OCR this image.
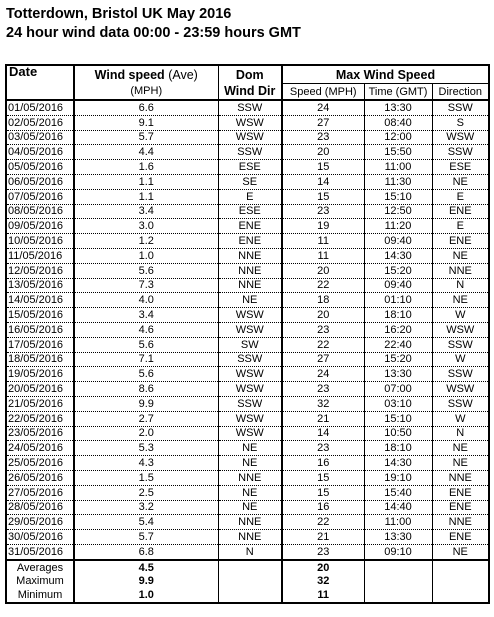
Totterdown, Bristol UK May 2016
24 hour wind data 00:00 - 23:59 hours GMT
Date	Wind speed (Ave)	Dom	Max Wind Speed		
	(MPH)	Wind Dir	Speed (MPH)	Time (GMT)	Direction
01/05/2016	6.6	SSW	24	13:30	SSW
02/05/2016	9.1	WSW	27	08:40	S
03/05/2016	5.7	WSW	23	12:00	WSW
04/05/2016	4.4	SSW	20	15:50	SSW
05/05/2016	1.6	ESE	15	11:00	ESE
06/05/2016	1.1	SE	14	11:30	NE
07/05/2016	1.1	E	15	15:10	E
08/05/2016	3.4	ESE	23	12:50	ENE
09/05/2016	3.0	ENE	19	11:20	E
10/05/2016	1.2	ENE	11	09:40	ENE
11/05/2016	1.0	NNE	11	14:30	NE
12/05/2016	5.6	NNE	20	15:20	NNE
13/05/2016	7.3	NNE	22	09:40	N
14/05/2016	4.0	NE	18	01:10	NE
15/05/2016	3.4	WSW	20	18:10	W
16/05/2016	4.6	WSW	23	16:20	WSW
17/05/2016	5.6	SW	22	22:40	SSW
18/05/2016	7.1	SSW	27	15:20	W
19/05/2016	5.6	WSW	24	13:30	SSW
20/05/2016	8.6	WSW	23	07:00	WSW
21/05/2016	9.9	SSW	32	03:10	SSW
22/05/2016	2.7	WSW	21	15:10	W
23/05/2016	2.0	WSW	14	10:50	N
24/05/2016	5.3	NE	23	18:10	NE
25/05/2016	4.3	NE	16	14:30	NE
26/05/2016	1.5	NNE	15	19:10	NNE
27/05/2016	2.5	NE	15	15:40	ENE
28/05/2016	3.2	NE	16	14:40	ENE
29/05/2016	5.4	NNE	22	11:00	NNE
30/05/2016	5.7	NNE	21	13:30	ENE
31/05/2016	6.8	N	23	09:10	NE
Averages	4.5		20		
Maximum	9.9		32		
Minimum	1.0		11		
